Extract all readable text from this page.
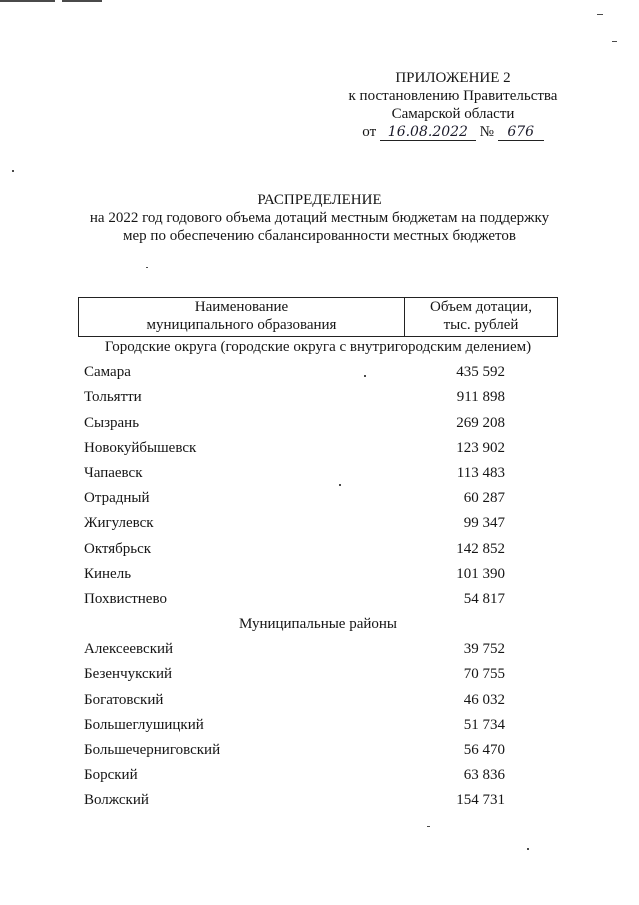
ПРИЛОЖЕНИЕ 2
к постановлению Правительства
Самарской области
от 16.08.2022 № 676
РАСПРЕДЕЛЕНИЕ
на 2022 год годового объема дотаций местным бюджетам на поддержку
мер по обеспечению сбалансированности местных бюджетов
Наименование
муниципального образования
Объем дотации,
тыс. рублей
Городские округа (городские округа с внутригородским делением)
Самара	435 592
Тольятти	911 898
Сызрань	269 208
Новокуйбышевск	123 902
Чапаевск	113 483
Отрадный	60 287
Жигулевск	99 347
Октябрьск	142 852
Кинель	101 390
Похвистнево	54 817
Муниципальные районы
Алексеевский	39 752
Безенчукский	70 755
Богатовский	46 032
Большеглушицкий	51 734
Большечерниговский	56 470
Борский	63 836
Волжский	154 731
